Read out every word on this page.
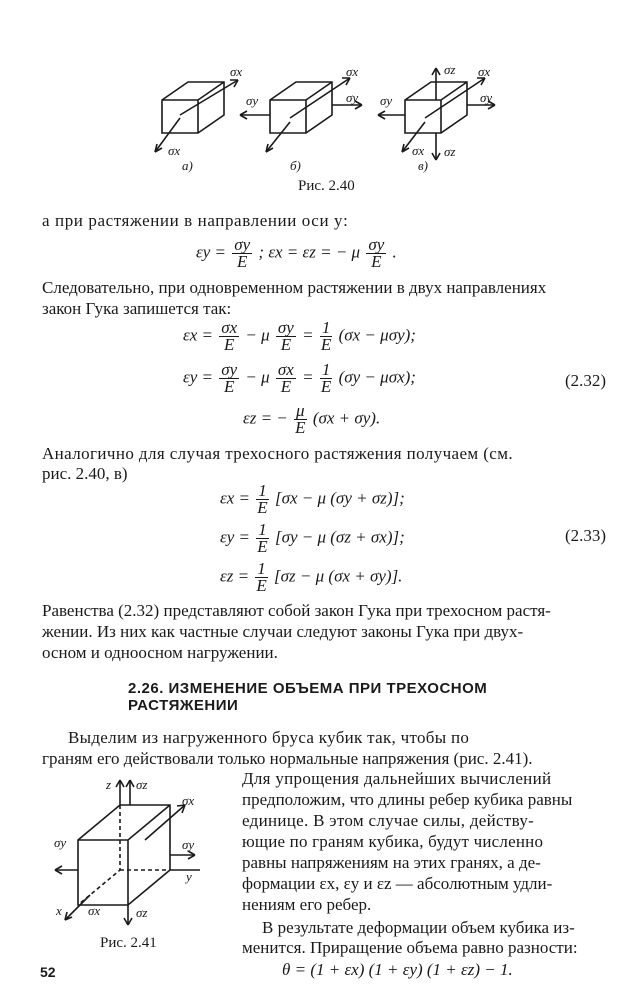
σx
σx
а)
σy
σx
σy
б)
σz σx
σy	σy
σx σz
в)
Рис. 2.40
а при растяжении в направлении оси y:
$\varepsilon y = \frac{\sigma y}{E}$ ; εx = εz = − μ $\frac{\sigma y}{E}$ .
Следовательно, при одновременном растяжении в двух направлениях
закон Гука запишется так:
$\varepsilon x = \frac{\sigma x}{E} - \mu \frac{\sigma y}{E} = \frac{1}{E} (\sigma x - \mu\sigma y)$;
$\varepsilon y = \frac{\sigma y}{E} - \mu \frac{\sigma x}{E} = \frac{1}{E} (\sigma y - \mu\sigma x)$;	(2.32)
εz = − $\frac{\mu}{E} (\sigma x + \sigma y)$.
Аналогично для случая трехосного растяжения получаем (см.
рис. 2.40, в)
$\varepsilon x = \frac{1}{E} [\sigma x - \mu$ (σy + σz)];
$\varepsilon y = \frac{1}{E} [\sigma y - \mu$ (σz + σx)];	(2.33)
$\varepsilon z = \frac{1}{E} [\sigma z - \mu$ (σx + σy)].
Равенства (2.32) представляют собой закон Гука при трехосном растя-
жении. Из них как частные случаи следуют законы Гука при двух-
осном и одноосном нагружении.
2.26. ИЗМЕНЕНИЕ ОБЪЕМА ПРИ ТРЕХОСНОМ
РАСТЯЖЕНИИ
Выделим из нагруженного бруса кубик так, чтобы по
граням его действовали только нормальные напряжения (рис. 2.41).
Для упрощения дальнейших вычислений
предположим, что длины ребер кубика равны
единице. В этом случае силы, действу-
ющие по граням кубика, будут численно
равны напряжениям на этих гранях, а де-
формации εx, εy и εz — абсолютным удли-
нениям его ребер.
В результате деформации объем кубика из-
менится. Приращение объема равно разности:
θ = (1 + εx) (1 + εy) (1 + εz) − 1.
z σz
σx
σy	σy
y
x σx	σz
Рис. 2.41
52
